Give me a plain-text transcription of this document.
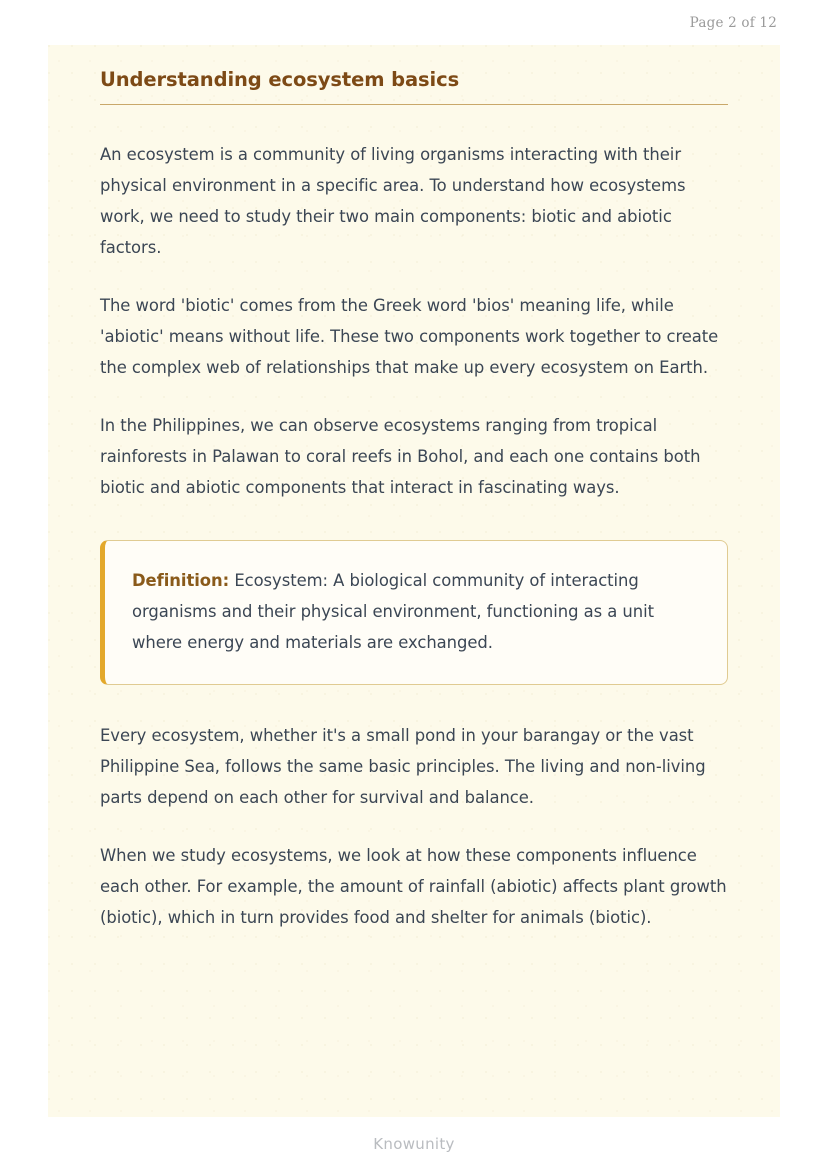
Page 2 of 12
Understanding ecosystem basics

An ecosystem is a community of living organisms interacting with their physical environment in a specific area. To understand how ecosystems work, we need to study their two main components: biotic and abiotic factors.

The word 'biotic' comes from the Greek word 'bios' meaning life, while 'abiotic' means without life. These two components work together to create the complex web of relationships that make up every ecosystem on Earth.

In the Philippines, we can observe ecosystems ranging from tropical rainforests in Palawan to coral reefs in Bohol, and each one contains both biotic and abiotic components that interact in fascinating ways.

Definition: Ecosystem: A biological community of interacting organisms and their physical environment, functioning as a unit where energy and materials are exchanged.

Every ecosystem, whether it's a small pond in your barangay or the vast Philippine Sea, follows the same basic principles. The living and non-living parts depend on each other for survival and balance.

When we study ecosystems, we look at how these components influence each other. For example, the amount of rainfall (abiotic) affects plant growth (biotic), which in turn provides food and shelter for animals (biotic).

Knowunity
